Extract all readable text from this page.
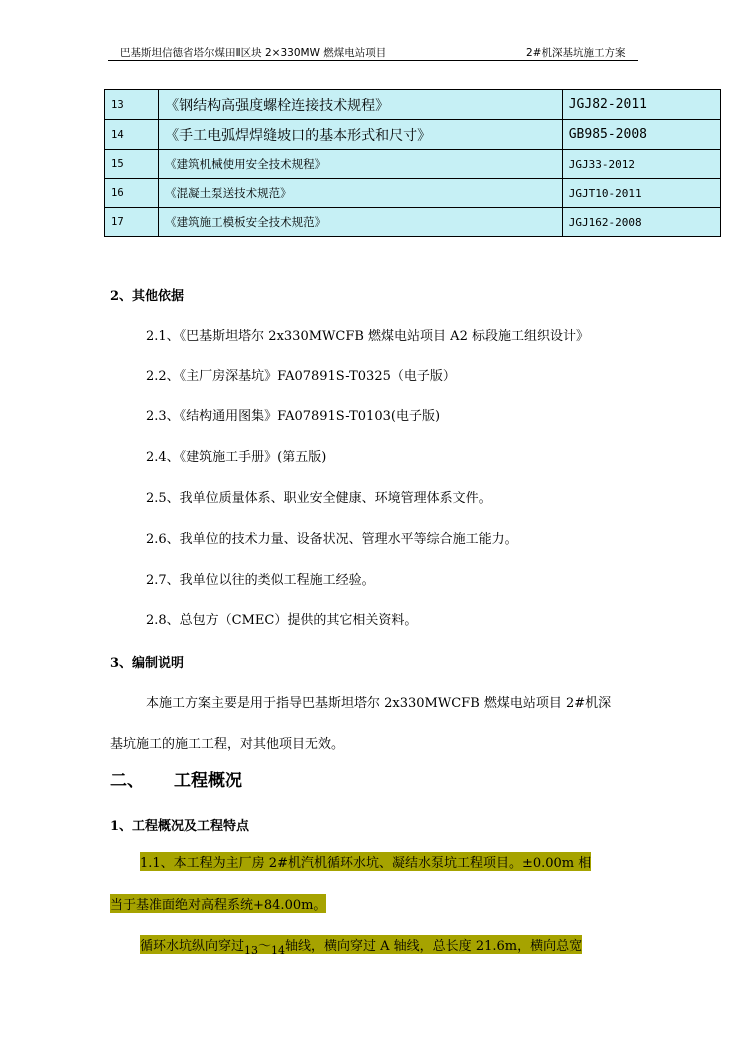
巴基斯坦信德省塔尔煤田Ⅱ区块 2×330MW 燃煤电站项目	2#机深基坑施工方案
13	《钢结构高强度螺栓连接技术规程》	JGJ82-2011
14	《手工电弧焊焊缝坡口的基本形式和尺寸》	GB985-2008
15	《建筑机械使用安全技术规程》	JGJ33-2012
16	《混凝土泵送技术规范》	JGJT10-2011
17	《建筑施工模板安全技术规范》	JGJ162-2008
2、其他依据
2.1、《巴基斯坦塔尔 2x330MWCFB 燃煤电站项目 A2 标段施工组织设计》
2.2、《主厂房深基坑》FA07891S-T0325（电子版）
2.3、《结构通用图集》FA07891S-T0103(电子版)
2.4、《建筑施工手册》(第五版)
2.5、我单位质量体系、职业安全健康、环境管理体系文件。
2.6、我单位的技术力量、设备状况、管理水平等综合施工能力。
2.7、我单位以往的类似工程施工经验。
2.8、总包方（CMEC）提供的其它相关资料。
3、编制说明
本施工方案主要是用于指导巴基斯坦塔尔 2x330MWCFB 燃煤电站项目 2#机深
基坑施工的施工工程，对其他项目无效。
二、 工程概况
1、工程概况及工程特点
1.1、本工程为主厂房 2#机汽机循环水坑、凝结水泵坑工程项目。±0.00m 相
当于基准面绝对高程系统+84.00m。
循环水坑纵向穿过$_{13}\sim_{14}$轴线，横向穿过 A 轴线，总长度 21.6m，横向总宽
